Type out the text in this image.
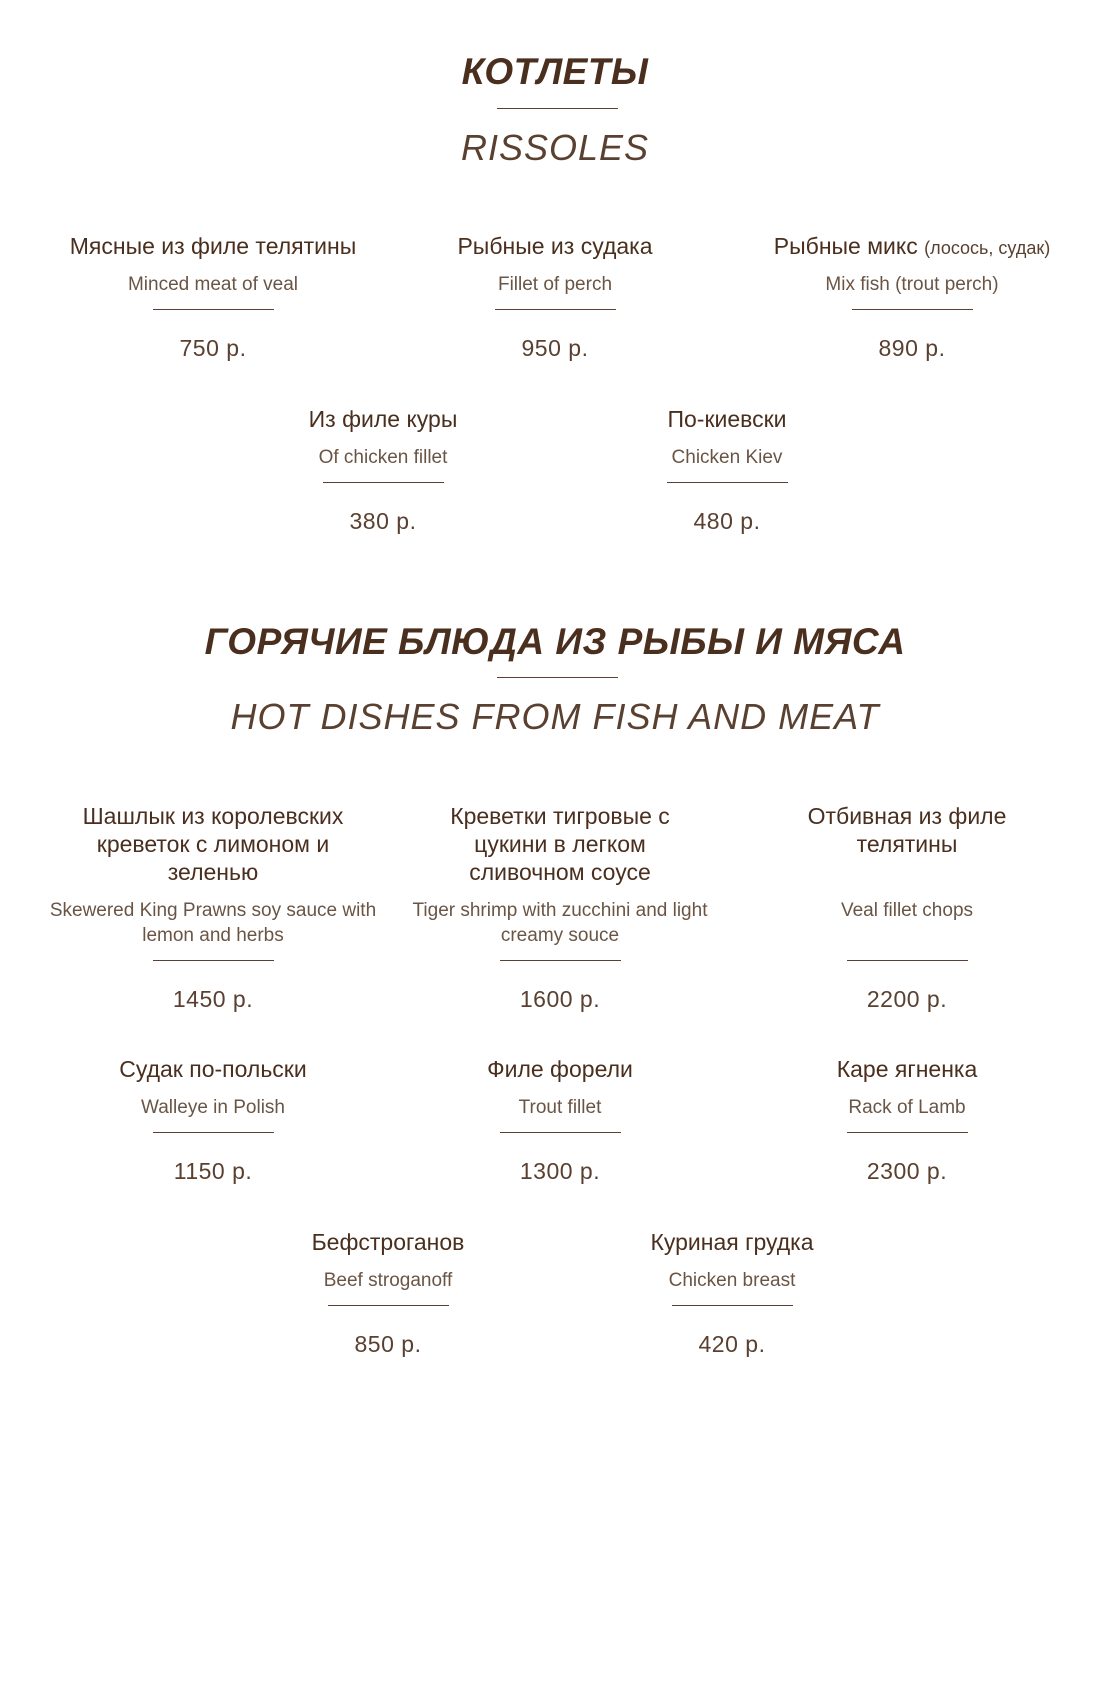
КОТЛЕТЫ
RISSOLES
Мясные из филе телятины
Minced meat of veal
750 р.
Рыбные из судака
Fillet of perch
950 р.
Рыбные микс (лосось, судак)
Mix fish (trout perch)
890 р.
Из филе куры
Of chicken fillet
380 р.
По-киевски
Chicken Kiev
480 р.
ГОРЯЧИЕ БЛЮДА ИЗ РЫБЫ И МЯСА
HOT DISHES FROM FISH AND MEAT
Шашлык из королевских креветок с лимоном и зеленью
Skewered King Prawns soy sauce with lemon and herbs
1450 р.
Креветки тигровые с цукини в легком сливочном соусе
Tiger shrimp with zucchini and light creamy souce
1600 р.
Отбивная из филе телятины
Veal fillet chops
2200 р.
Судак по-польски
Walleye in Polish
1150 р.
Филе форели
Trout fillet
1300 р.
Каре ягненка
Rack of Lamb
2300 р.
Бефстроганов
Beef stroganoff
850 р.
Куриная грудка
Chicken breast
420 р.
